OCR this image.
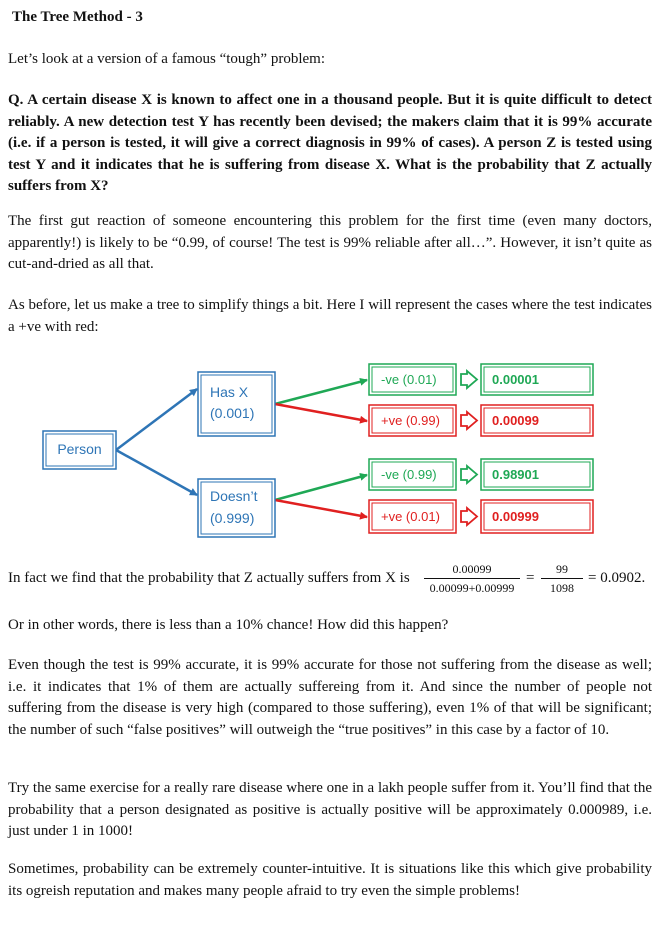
The Tree Method - 3
Let’s look at a version of a famous “tough” problem:
Q. A certain disease X is known to affect one in a thousand people. But it is quite difficult to detect reliably. A new detection test Y has recently been devised; the makers claim that it is 99% accurate (i.e. if a person is tested, it will give a correct diagnosis in 99% of cases). A person Z is tested using test Y and it indicates that he is suffering from disease X. What is the probability that Z actually suffers from X?
The first gut reaction of someone encountering this problem for the first time (even many doctors, apparently!) is likely to be “0.99, of course! The test is 99% reliable after all…”. However, it isn’t quite as cut-and-dried as all that.
As before, let us make a tree to simplify things a bit. Here I will represent the cases where the test indicates a +ve with red:
Person
Has X
(0.001)
Doesn’t
(0.999)
-ve (0.01)	0.00001
+ve (0.99)	0.00099
-ve (0.99)	0.98901
+ve (0.01)	0.00999
In fact we find that the probability that Z actually suffers from X is $\frac{0.00099}{0.00099+0.00999} = \frac{99}{1098} = 0.0902$.
Or in other words, there is less than a 10% chance! How did this happen?
Even though the test is 99% accurate, it is 99% accurate for those not suffering from the disease as well; i.e. it indicates that 1% of them are actually suffereing from it. And since the number of people not suffering from the disease is very high (compared to those suffering), even 1% of that will be significant; the number of such “false positives” will outweigh the “true positives” in this case by a factor of 10.
Try the same exercise for a really rare disease where one in a lakh people suffer from it. You’ll find that the probability that a person designated as positive is actually positive will be approximately 0.000989, i.e. just under 1 in 1000!
Sometimes, probability can be extremely counter-intuitive. It is situations like this which give probability its ogreish reputation and makes many people afraid to try even the simple problems!
